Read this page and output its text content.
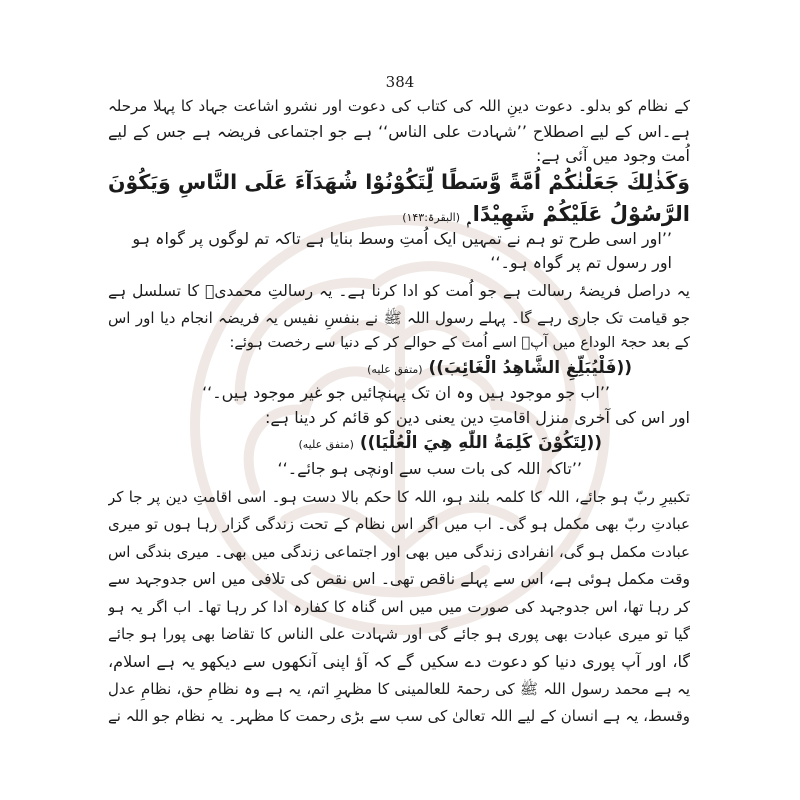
384
کے نظام کو بدلو۔ دعوت دینِ اللہ کی کتاب کی دعوت اور نشرو اشاعت جہاد کا پہلا مرحلہ
ہے۔اس کے لیے اصطلاح ’’شہادت علی الناس‘‘ ہے جو اجتماعی فریضہ ہے جس کے لیے
اُمت وجود میں آئی ہے:
وَكَذٰلِكَ جَعَلْنٰكُمْ اُمَّةً وَّسَطًا لِّتَكُوْنُوْا شُهَدَآءَ عَلَى النَّاسِ وَيَكُوْنَ
الرَّسُوْلُ عَلَيْكُمْ شَهِيْدًا ۭ (البقرۃ:۱۴۳)
’’اور اسی طرح تو ہم نے تمہیں ایک اُمتِ وسط بنایا ہے تاکہ تم لوگوں پر گواہ ہو
اور رسول تم پر گواہ ہو۔‘‘
یہ دراصل فریضۂ رسالت ہے جو اُمت کو ادا کرنا ہے۔ یہ رسالتِ محمدیؐ کا تسلسل ہے
جو قیامت تک جاری رہے گا۔ پہلے رسول اللہ ﷺ نے بنفسِ نفیس یہ فریضہ انجام دیا اور اس
کے بعد حجۃ الوداع میں آپؐ اسے اُمت کے حوالے کر کے دنیا سے رخصت ہوئے:
((فَلْيُبَلِّغِ الشَّاهِدُ الْغَائِبَ)) (متفق علیه)
’’اب جو موجود ہیں وہ ان تک پہنچائیں جو غیر موجود ہیں۔‘‘
اور اس کی آخری منزل اقامتِ دین یعنی دین کو قائم کر دینا ہے:
((لِتَكُوْنَ كَلِمَةُ اللّٰهِ هِيَ الْعُلْيَا)) (متفق علیه)
’’تاکہ اللہ کی بات سب سے اونچی ہو جائے۔‘‘
تکبیرِ ربّ ہو جائے، اللہ کا کلمہ بلند ہو، اللہ کا حکم بالا دست ہو۔ اسی اقامتِ دین پر جا کر
عبادتِ ربّ بھی مکمل ہو گی۔ اب میں اگر اس نظام کے تحت زندگی گزار رہا ہوں تو میری
عبادت مکمل ہو گی، انفرادی زندگی میں بھی اور اجتماعی زندگی میں بھی۔ میری بندگی اس
وقت مکمل ہوئی ہے، اس سے پہلے ناقص تھی۔ اس نقص کی تلافی میں اس جدوجہد سے
کر رہا تھا، اس جدوجہد کی صورت میں میں اس گناہ کا کفارہ ادا کر رہا تھا۔ اب اگر یہ ہو
گیا تو میری عبادت بھی پوری ہو جائے گی اور شہادت علی الناس کا تقاضا بھی پورا ہو جائے
گا، اور آپ پوری دنیا کو دعوت دے سکیں گے کہ آؤ اپنی آنکھوں سے دیکھو یہ ہے اسلام،
یہ ہے محمد رسول اللہ ﷺ کی رحمۃ للعالمینی کا مظہرِ اتم، یہ ہے وہ نظامِ حق، نظامِ عدل
وقسط، یہ ہے انسان کے لیے اللہ تعالیٰ کی سب سے بڑی رحمت کا مظہر۔ یہ نظام جو اللہ نے
